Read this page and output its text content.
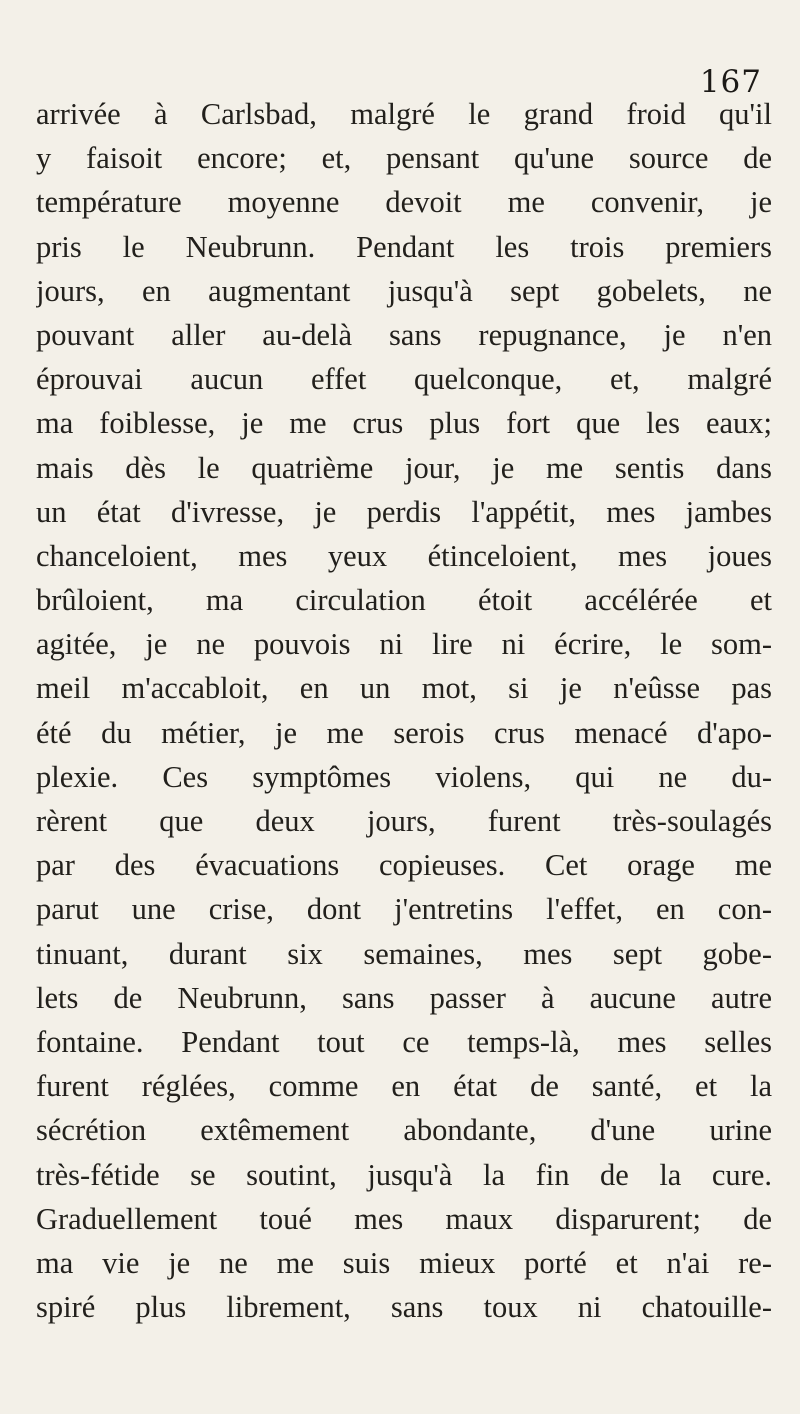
167
arrivée à Carlsbad, malgré le grand froid qu'il
y faisoit encore; et, pensant qu'une source de
température moyenne devoit me convenir, je
pris le Neubrunn. Pendant les trois premiers
jours, en augmentant jusqu'à sept gobelets, ne
pouvant aller au-delà sans repugnance, je n'en
éprouvai aucun effet quelconque, et, malgré
ma foiblesse, je me crus plus fort que les eaux;
mais dès le quatrième jour, je me sentis dans
un état d'ivresse, je perdis l'appétit, mes jambes
chanceloient, mes yeux étinceloient, mes joues
brûloient, ma circulation étoit accélérée et
agitée, je ne pouvois ni lire ni écrire, le som-
meil m'accabloit, en un mot, si je n'eûsse pas
été du métier, je me serois crus menacé d'apo-
plexie. Ces symptômes violens, qui ne du-
rèrent que deux jours, furent très-soulagés
par des évacuations copieuses. Cet orage me
parut une crise, dont j'entretins l'effet, en con-
tinuant, durant six semaines, mes sept gobe-
lets de Neubrunn, sans passer à aucune autre
fontaine. Pendant tout ce temps-là, mes selles
furent réglées, comme en état de santé, et la
sécrétion extêmement abondante, d'une urine
très-fétide se soutint, jusqu'à la fin de la cure.
Graduellement toué mes maux disparurent; de
ma vie je ne me suis mieux porté et n'ai re-
spiré plus librement, sans toux ni chatouille-
